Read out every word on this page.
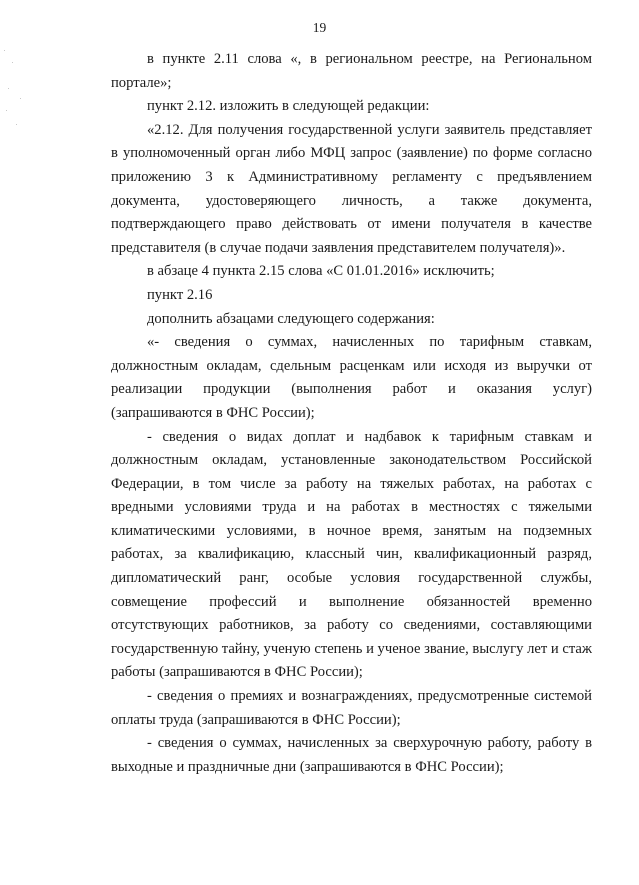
19

в пункте 2.11 слова «, в региональном реестре, на Региональном портале»;

пункт 2.12. изложить в следующей редакции:

«2.12. Для получения государственной услуги заявитель представляет в уполномоченный орган либо МФЦ запрос (заявление) по форме согласно приложению 3 к Административному регламенту с предъявлением документа, удостоверяющего личность, а также документа, подтверждающего право действовать от имени получателя в качестве представителя (в случае подачи заявления представителем получателя)».

в абзаце 4 пункта 2.15 слова «С 01.01.2016» исключить;

пункт 2.16

дополнить абзацами следующего содержания:

«- сведения о суммах, начисленных по тарифным ставкам, должностным окладам, сдельным расценкам или исходя из выручки от реализации продукции (выполнения работ и оказания услуг) (запрашиваются в ФНС России);

- сведения о видах доплат и надбавок к тарифным ставкам и должностным окладам, установленные законодательством Российской Федерации, в том числе за работу на тяжелых работах, на работах с вредными условиями труда и на работах в местностях с тяжелыми климатическими условиями, в ночное время, занятым на подземных работах, за квалификацию, классный чин, квалификационный разряд, дипломатический ранг, особые условия государственной службы, совмещение профессий и выполнение обязанностей временно отсутствующих работников, за работу со сведениями, составляющими государственную тайну, ученую степень и ученое звание, выслугу лет и стаж работы (запрашиваются в ФНС России);

- сведения о премиях и вознаграждениях, предусмотренные системой оплаты труда (запрашиваются в ФНС России);

- сведения о суммах, начисленных за сверхурочную работу, работу в выходные и праздничные дни (запрашиваются в ФНС России);
